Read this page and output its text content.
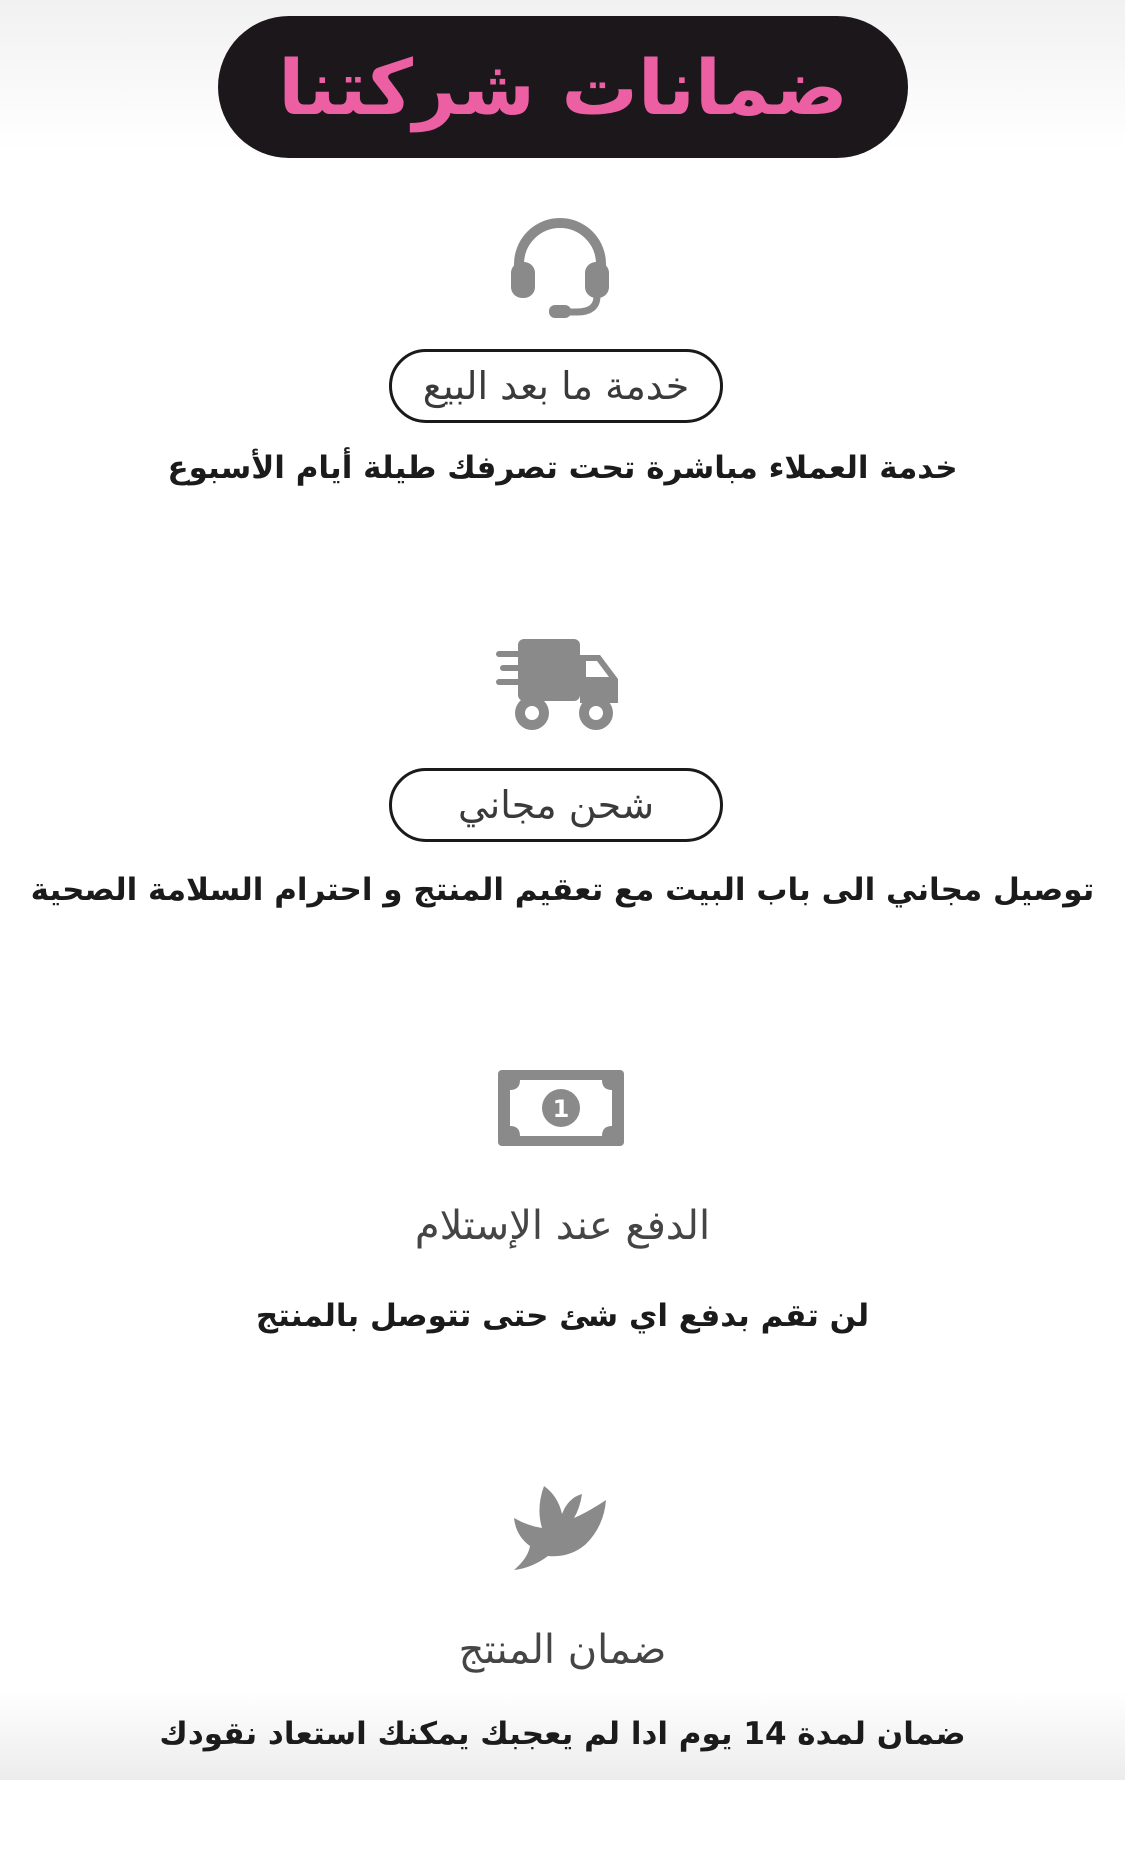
ضمانات شركتنا
خدمة ما بعد البيع
خدمة العملاء مباشرة تحت تصرفك طيلة أيام الأسبوع
شحن مجاني
توصيل مجاني الى باب البيت مع تعقيم المنتج و احترام السلامة الصحية
1
الدفع عند الإستلام
لن تقم بدفع اي شئ حتى تتوصل بالمنتج
ضمان المنتج
ضمان لمدة 14 يوم ادا لم يعجبك يمكنك استعاد نقودك
